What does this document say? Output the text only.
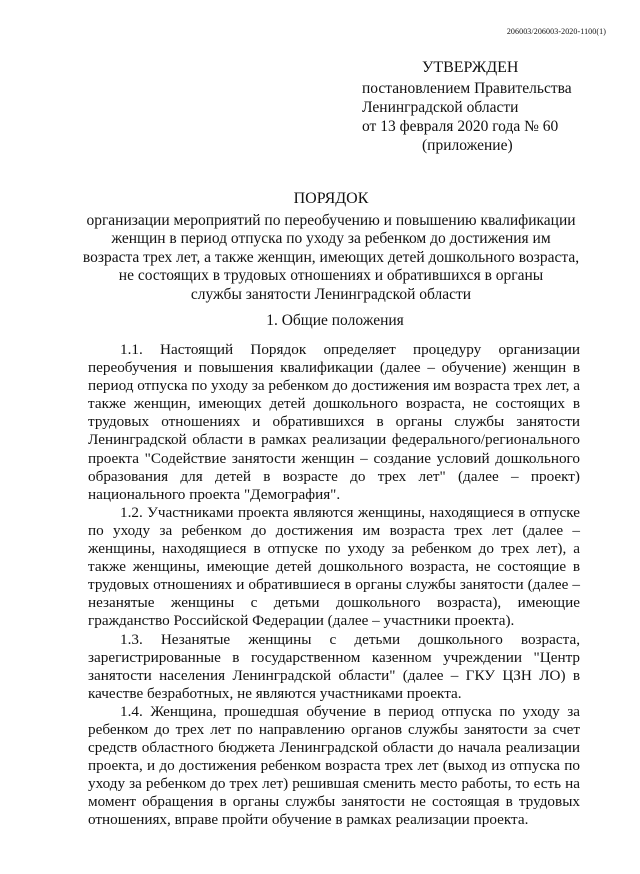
206003/206003-2020-1100(1)
УТВЕРЖДЕН
постановлением Правительства
Ленинградской области
от 13 февраля 2020 года № 60
(приложение)
ПОРЯДОК
организации мероприятий по переобучению и повышению квалификации
женщин в период отпуска по уходу за ребенком до достижения им
возраста трех лет, а также женщин, имеющих детей дошкольного возраста,
не состоящих в трудовых отношениях и обратившихся в органы
службы занятости Ленинградской области
1. Общие положения

1.1. Настоящий Порядок определяет процедуру организации переобучения и повышения квалификации (далее – обучение) женщин в период отпуска по уходу за ребенком до достижения им возраста трех лет, а также женщин, имеющих детей дошкольного возраста, не состоящих в трудовых отношениях и обратившихся в органы службы занятости Ленинградской области в рамках реализации федерального/регионального проекта "Содействие занятости женщин – создание условий дошкольного образования для детей в возрасте до трех лет" (далее – проект) национального проекта "Демография".

1.2. Участниками проекта являются женщины, находящиеся в отпуске по уходу за ребенком до достижения им возраста трех лет (далее – женщины, находящиеся в отпуске по уходу за ребенком до трех лет), а также женщины, имеющие детей дошкольного возраста, не состоящие в трудовых отношениях и обратившиеся в органы службы занятости (далее – незанятые женщины с детьми дошкольного возраста), имеющие гражданство Российской Федерации (далее – участники проекта).

1.3. Незанятые женщины с детьми дошкольного возраста, зарегистрированные в государственном казенном учреждении "Центр занятости населения Ленинградской области" (далее – ГКУ ЦЗН ЛО) в качестве безработных, не являются участниками проекта.

1.4. Женщина, прошедшая обучение в период отпуска по уходу за ребенком до трех лет по направлению органов службы занятости за счет средств областного бюджета Ленинградской области до начала реализации проекта, и до достижения ребенком возраста трех лет (выход из отпуска по уходу за ребенком до трех лет) решившая сменить место работы, то есть на момент обращения в органы службы занятости не состоящая в трудовых отношениях, вправе пройти обучение в рамках реализации проекта.
